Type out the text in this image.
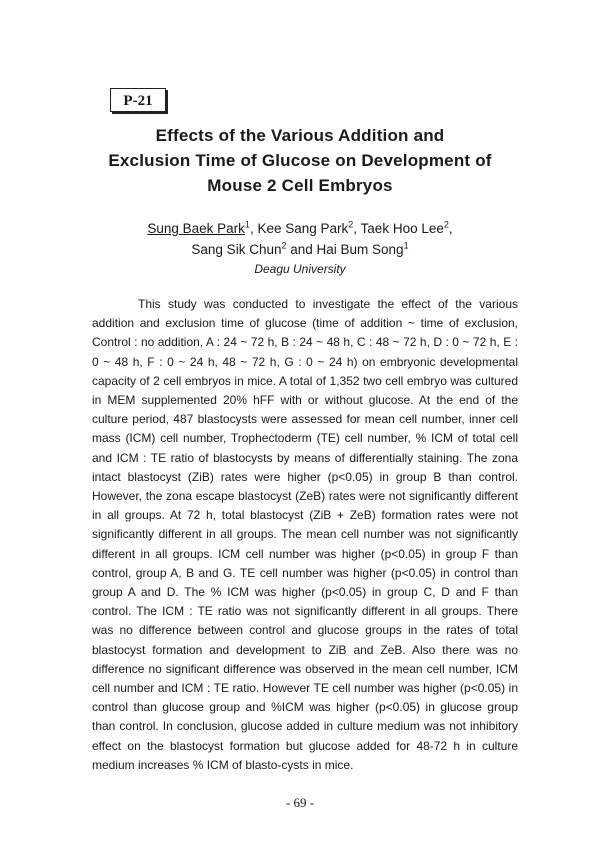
P-21
Effects of the Various Addition and
Exclusion Time of Glucose on Development of
Mouse 2 Cell Embryos
Sung Baek Park$^1$, Kee Sang Park$^2$, Taek Hoo Lee$^2$,
Sang Sik Chun$^2$ and Hai Bum Song$^1$
Deagu University

This study was conducted to investigate the effect of the various addition and exclusion time of glucose (time of addition ~ time of exclusion, Control : no addition, A : 24 ~ 72 h, B : 24 ~ 48 h, C : 48 ~ 72 h, D : 0 ~ 72 h, E : 0 ~ 48 h, F : 0 ~ 24 h, 48 ~ 72 h, G : 0 ~ 24 h) on embryonic developmental capacity of 2 cell embryos in mice. A total of 1,352 two cell embryo was cultured in MEM supplemented 20% hFF with or without glucose. At the end of the culture period, 487 blastocysts were assessed for mean cell number, inner cell mass (ICM) cell number, Trophectoderm (TE) cell number, % ICM of total cell and ICM : TE ratio of blastocysts by means of differentially staining. The zona intact blastocyst (ZiB) rates were higher (p<0.05) in group B than control. However, the zona escape blastocyst (ZeB) rates were not significantly different in all groups. At 72 h, total blastocyst (ZiB + ZeB) formation rates were not significantly different in all groups. The mean cell number was not significantly different in all groups. ICM cell number was higher (p<0.05) in group F than control, group A, B and G. TE cell number was higher (p<0.05) in control than group A and D. The % ICM was higher (p<0.05) in group C, D and F than control. The ICM : TE ratio was not significantly different in all groups. There was no difference between control and glucose groups in the rates of total blastocyst formation and development to ZiB and ZeB. Also there was no difference no significant difference was observed in the mean cell number, ICM cell number and ICM : TE ratio. However TE cell number was higher (p<0.05) in control than glucose group and %ICM was higher (p<0.05) in glucose group than control. In conclusion, glucose added in culture medium was not inhibitory effect on the blastocyst formation but glucose added for 48-72 h in culture medium increases % ICM of blasto-cysts in mice.

- 69 -
